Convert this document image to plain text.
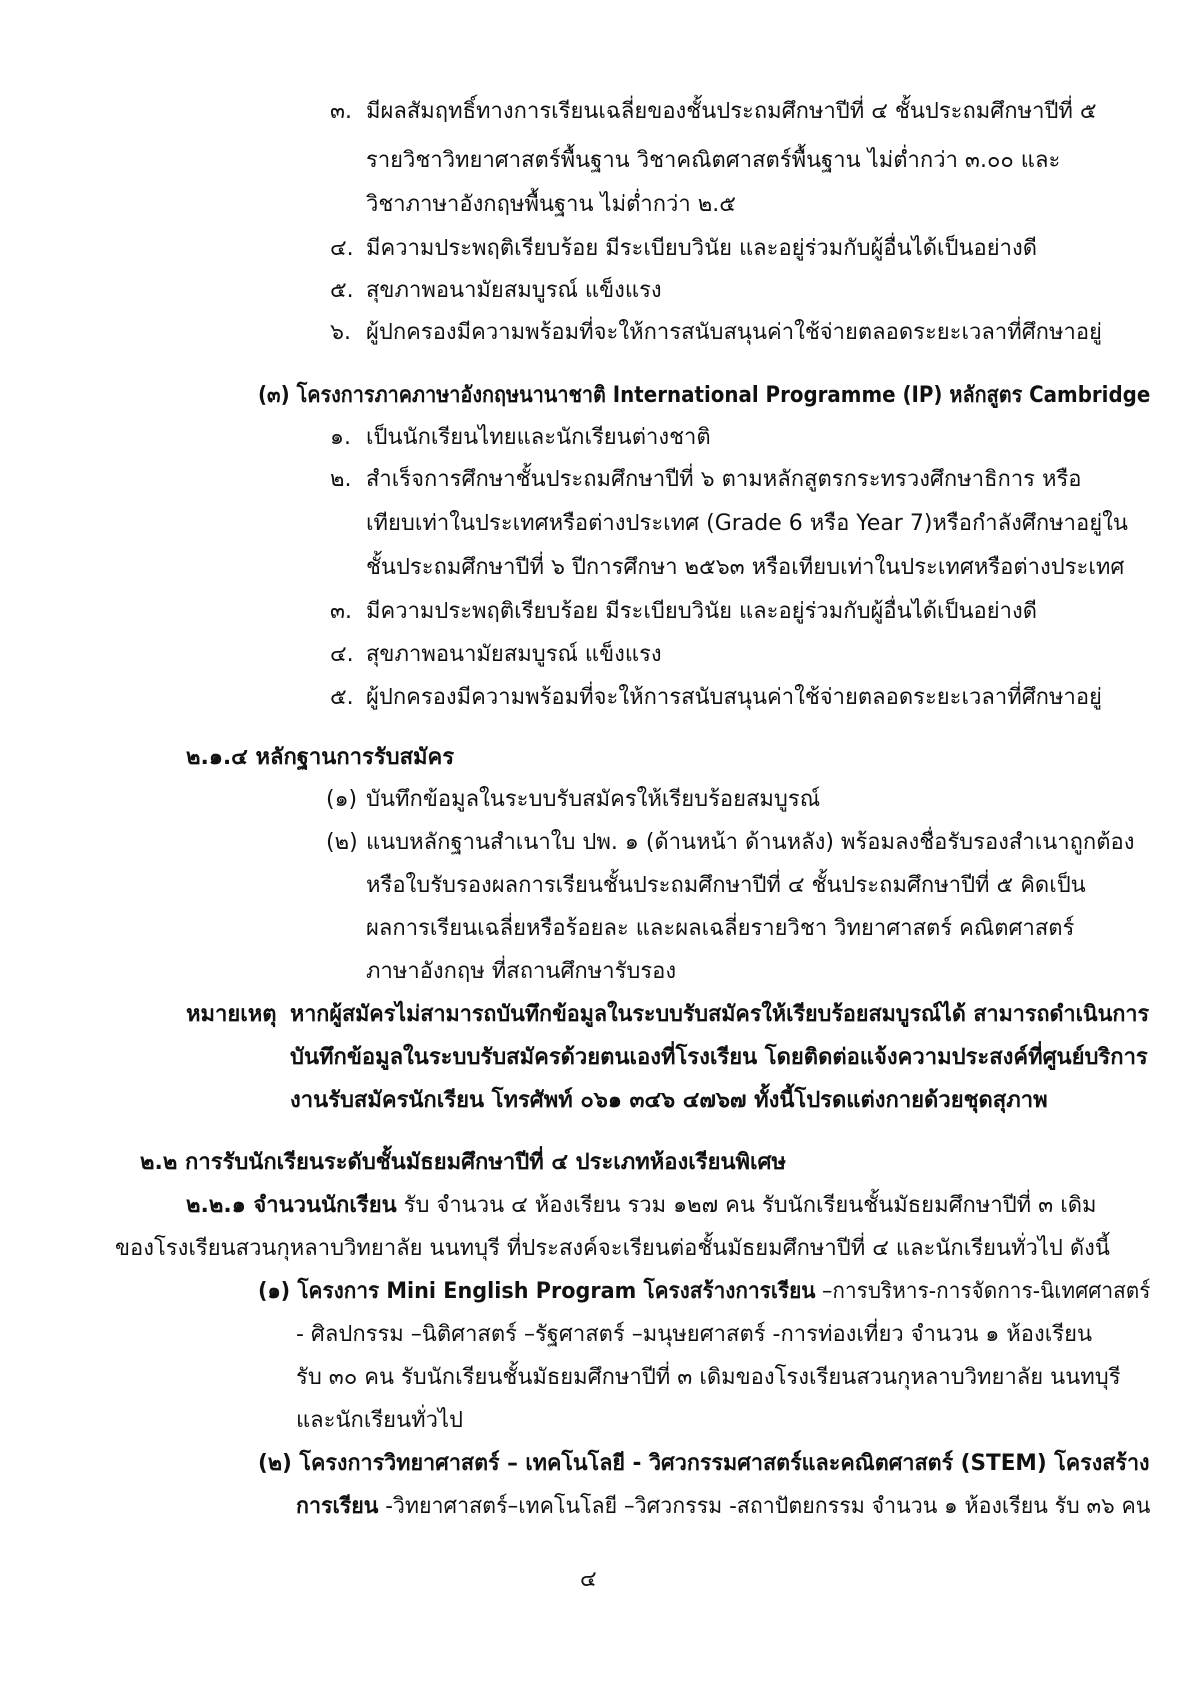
๓. มีผลสัมฤทธิ์ทางการเรียนเฉลี่ยของชั้นประถมศึกษาปีที่ ๔ ชั้นประถมศึกษาปีที่ ๕
รายวิชาวิทยาศาสตร์พื้นฐาน วิชาคณิตศาสตร์พื้นฐาน ไม่ต่ำกว่า ๓.๐๐ และ
วิชาภาษาอังกฤษพื้นฐาน ไม่ต่ำกว่า ๒.๕
๔. มีความประพฤติเรียบร้อย มีระเบียบวินัย และอยู่ร่วมกับผู้อื่นได้เป็นอย่างดี
๕. สุขภาพอนามัยสมบูรณ์ แข็งแรง
๖. ผู้ปกครองมีความพร้อมที่จะให้การสนับสนุนค่าใช้จ่ายตลอดระยะเวลาที่ศึกษาอยู่
(๓) โครงการภาคภาษาอังกฤษนานาชาติ International Programme (IP) หลักสูตร Cambridge
๑. เป็นนักเรียนไทยและนักเรียนต่างชาติ
๒. สำเร็จการศึกษาชั้นประถมศึกษาปีที่ ๖ ตามหลักสูตรกระทรวงศึกษาธิการ หรือ
เทียบเท่าในประเทศหรือต่างประเทศ (Grade 6 หรือ Year 7)หรือกำลังศึกษาอยู่ใน
ชั้นประถมศึกษาปีที่ ๖ ปีการศึกษา ๒๕๖๓ หรือเทียบเท่าในประเทศหรือต่างประเทศ
๓. มีความประพฤติเรียบร้อย มีระเบียบวินัย และอยู่ร่วมกับผู้อื่นได้เป็นอย่างดี
๔. สุขภาพอนามัยสมบูรณ์ แข็งแรง
๕. ผู้ปกครองมีความพร้อมที่จะให้การสนับสนุนค่าใช้จ่ายตลอดระยะเวลาที่ศึกษาอยู่
๒.๑.๔ หลักฐานการรับสมัคร
(๑) บันทึกข้อมูลในระบบรับสมัครให้เรียบร้อยสมบูรณ์
(๒) แนบหลักฐานสำเนาใบ ปพ. ๑ (ด้านหน้า ด้านหลัง) พร้อมลงชื่อรับรองสำเนาถูกต้อง
หรือใบรับรองผลการเรียนชั้นประถมศึกษาปีที่ ๔ ชั้นประถมศึกษาปีที่ ๕ คิดเป็น
ผลการเรียนเฉลี่ยหรือร้อยละ และผลเฉลี่ยรายวิชา วิทยาศาสตร์ คณิตศาสตร์
ภาษาอังกฤษ ที่สถานศึกษารับรอง
หมายเหตุ หากผู้สมัครไม่สามารถบันทึกข้อมูลในระบบรับสมัครให้เรียบร้อยสมบูรณ์ได้ สามารถดำเนินการ
บันทึกข้อมูลในระบบรับสมัครด้วยตนเองที่โรงเรียน โดยติดต่อแจ้งความประสงค์ที่ศูนย์บริการ
งานรับสมัครนักเรียน โทรศัพท์ ๐๖๑ ๓๔๖ ๔๗๖๗ ทั้งนี้โปรดแต่งกายด้วยชุดสุภาพ
๒.๒ การรับนักเรียนระดับชั้นมัธยมศึกษาปีที่ ๔ ประเภทห้องเรียนพิเศษ
๒.๒.๑ จำนวนนักเรียน รับ จำนวน ๔ ห้องเรียน รวม ๑๒๗ คน รับนักเรียนชั้นมัธยมศึกษาปีที่ ๓ เดิม
ของโรงเรียนสวนกุหลาบวิทยาลัย นนทบุรี ที่ประสงค์จะเรียนต่อชั้นมัธยมศึกษาปีที่ ๔ และนักเรียนทั่วไป ดังนี้
(๑) โครงการ Mini English Program โครงสร้างการเรียน –การบริหาร-การจัดการ-นิเทศศาสตร์
- ศิลปกรรม –นิติศาสตร์ –รัฐศาสตร์ –มนุษยศาสตร์ -การท่องเที่ยว จำนวน ๑ ห้องเรียน
รับ ๓๐ คน รับนักเรียนชั้นมัธยมศึกษาปีที่ ๓ เดิมของโรงเรียนสวนกุหลาบวิทยาลัย นนทบุรี
และนักเรียนทั่วไป
(๒) โครงการวิทยาศาสตร์ – เทคโนโลยี - วิศวกรรมศาสตร์และคณิตศาสตร์ (STEM) โครงสร้าง
การเรียน -วิทยาศาสตร์–เทคโนโลยี –วิศวกรรม -สถาปัตยกรรม จำนวน ๑ ห้องเรียน รับ ๓๖ คน
๔
